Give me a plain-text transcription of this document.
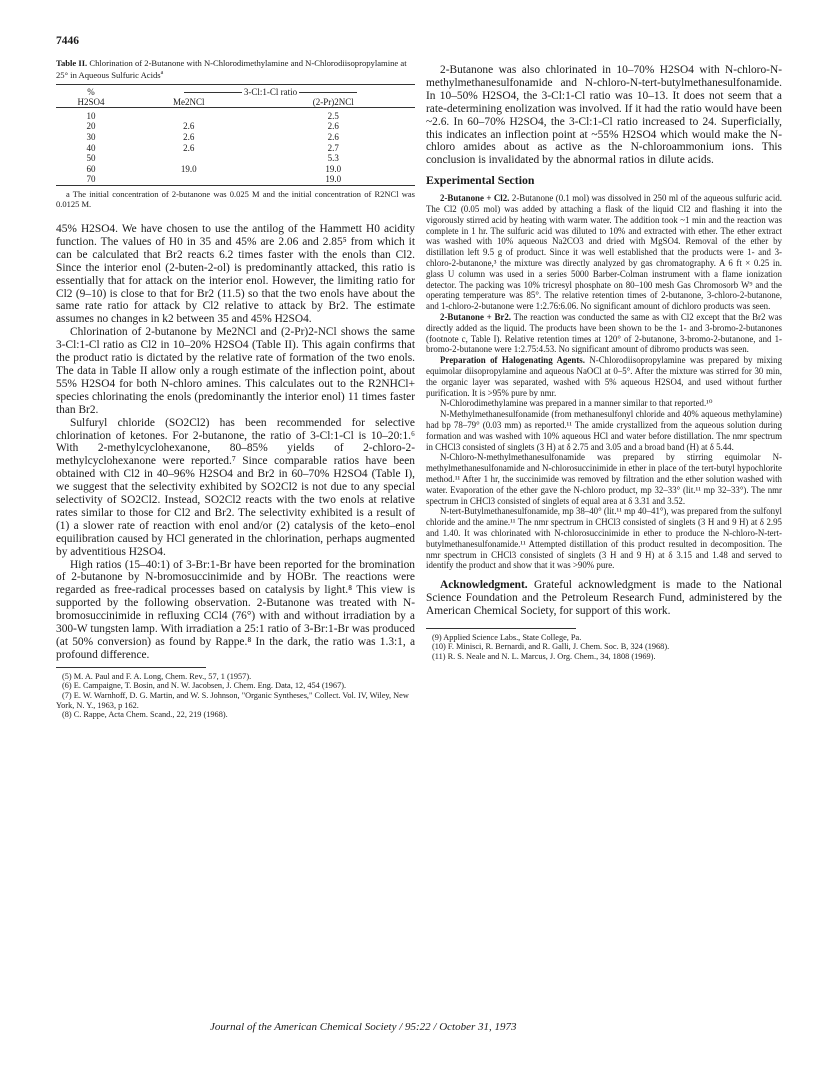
7446

Table II. Chlorination of 2-Butanone with N-Chlorodimethylamine and N-Chlorodiisopropylamine at 25° in Aqueous Sulfuric Acids$^a$

%	3-Cl:1-Cl ratio	
H2SO4	Me2NCl	(2-Pr)2NCl

10		2.5
20	2.6	2.6
30	2.6	2.6
40	2.6	2.7
50		5.3
60	19.0	19.0
70		19.0

a The initial concentration of 2-butanone was 0.025 M and the initial concentration of R2NCl was 0.0125 M.

45% H2SO4. We have chosen to use the antilog of the Hammett H0 acidity function. The values of H0 in 35 and 45% are 2.06 and 2.85⁵ from which it can be calculated that Br2 reacts 6.2 times faster with the enols than Cl2. Since the interior enol (2-buten-2-ol) is predominantly attacked, this ratio is essentially that for attack on the interior enol. However, the limiting ratio for Cl2 (9–10) is close to that for Br2 (11.5) so that the two enols have about the same rate ratio for attack by Cl2 relative to attack by Br2. The estimate assumes no changes in k2 between 35 and 45% H2SO4.

Chlorination of 2-butanone by Me2NCl and (2-Pr)2-NCl shows the same 3-Cl:1-Cl ratio as Cl2 in 10–20% H2SO4 (Table II). This again confirms that the product ratio is dictated by the relative rate of formation of the two enols. The data in Table II allow only a rough estimate of the inflection point, about 55% H2SO4 for both N-chloro amines. This calculates out to the R2NHCl+ species chlorinating the enols (predominantly the interior enol) 11 times faster than Br2.

Sulfuryl chloride (SO2Cl2) has been recommended for selective chlorination of ketones. For 2-butanone, the ratio of 3-Cl:1-Cl is 10–20:1.⁶ With 2-methylcyclohexanone, 80–85% yields of 2-chloro-2-methylcyclohexanone were reported.⁷ Since comparable ratios have been obtained with Cl2 in 40–96% H2SO4 and Br2 in 60–70% H2SO4 (Table I), we suggest that the selectivity exhibited by SO2Cl2 is not due to any special selectivity of SO2Cl2. Instead, SO2Cl2 reacts with the two enols at relative rates similar to those for Cl2 and Br2. The selectivity exhibited is a result of (1) a slower rate of reaction with enol and/or (2) catalysis of the keto–enol equilibration caused by HCl generated in the chlorination, perhaps augmented by adventitious H2SO4.

High ratios (15–40:1) of 3-Br:1-Br have been reported for the bromination of 2-butanone by N-bromosuccinimide and by HOBr. The reactions were regarded as free-radical processes based on catalysis by light.⁸ This view is supported by the following observation. 2-Butanone was treated with N-bromosuccinimide in refluxing CCl4 (76°) with and without irradiation by a 300-W tungsten lamp. With irradiation a 25:1 ratio of 3-Br:1-Br was produced (at 50% conversion) as found by Rappe.⁸ In the dark, the ratio was 1.3:1, a profound difference.

(5) M. A. Paul and F. A. Long, Chem. Rev., 57, 1 (1957).
(6) E. Campaigne, T. Bosin, and N. W. Jacobsen, J. Chem. Eng. Data, 12, 454 (1967).
(7) E. W. Warnhoff, D. G. Martin, and W. S. Johnson, "Organic Syntheses," Collect. Vol. IV, Wiley, New York, N. Y., 1963, p 162.
(8) C. Rappe, Acta Chem. Scand., 22, 219 (1968).

2-Butanone was also chlorinated in 10–70% H2SO4 with N-chloro-N-methylmethanesulfonamide and N-chloro-N-tert-butylmethanesulfonamide. In 10–50% H2SO4, the 3-Cl:1-Cl ratio was 10–13. It does not seem that a rate-determining enolization was involved. If it had the ratio would have been ~2.6. In 60–70% H2SO4, the 3-Cl:1-Cl ratio increased to 24. Superficially, this indicates an inflection point at ~55% H2SO4 which would make the N-chloro amides about as active as the N-chloroammonium ions. This conclusion is invalidated by the abnormal ratios in dilute acids.

Experimental Section

2-Butanone + Cl2. 2-Butanone (0.1 mol) was dissolved in 250 ml of the aqueous sulfuric acid. The Cl2 (0.05 mol) was added by attaching a flask of the liquid Cl2 and flashing it into the vigorously stirred acid by heating with warm water. The addition took ~1 min and the reaction was complete in 1 hr. The sulfuric acid was diluted to 10% and extracted with ether. The ether extract was washed with 10% aqueous Na2CO3 and dried with MgSO4. Removal of the ether by distillation left 9.5 g of product. Since it was well established that the products were 1- and 3-chloro-2-butanone,³ the mixture was directly analyzed by gas chromatography. A 6 ft × 0.25 in. glass U column was used in a series 5000 Barber-Colman instrument with a flame ionization detector. The packing was 10% tricresyl phosphate on 80–100 mesh Gas Chromosorb W⁹ and the operating temperature was 85°. The relative retention times of 2-butanone, 3-chloro-2-butanone, and 1-chloro-2-butanone were 1:2.76:6.06. No significant amount of dichloro products was seen.

2-Butanone + Br2. The reaction was conducted the same as with Cl2 except that the Br2 was directly added as the liquid. The products have been shown to be the 1- and 3-bromo-2-butanones (footnote c, Table I). Relative retention times at 120° of 2-butanone, 3-bromo-2-butanone, and 1-bromo-2-butanone were 1:2.75:4.53. No significant amount of dibromo products was seen.

Preparation of Halogenating Agents. N-Chlorodiisopropylamine was prepared by mixing equimolar diisopropylamine and aqueous NaOCl at 0–5°. After the mixture was stirred for 30 min, the organic layer was separated, washed with 5% aqueous H2SO4, and used without further purification. It is >95% pure by nmr.

N-Chlorodimethylamine was prepared in a manner similar to that reported.¹⁰

N-Methylmethanesulfonamide (from methanesulfonyl chloride and 40% aqueous methylamine) had bp 78–79° (0.03 mm) as reported.¹¹ The amide crystallized from the aqueous solution during formation and was washed with 10% aqueous HCl and water before distillation. The nmr spectrum in CHCl3 consisted of singlets (3 H) at δ 2.75 and 3.05 and a broad band (H) at δ 5.44.

N-Chloro-N-methylmethanesulfonamide was prepared by stirring equimolar N-methylmethanesulfonamide and N-chlorosuccinimide in ether in place of the tert-butyl hypochlorite method.¹¹ After 1 hr, the succinimide was removed by filtration and the ether solution washed with water. Evaporation of the ether gave the N-chloro product, mp 32–33° (lit.¹¹ mp 32–33°). The nmr spectrum in CHCl3 consisted of singlets of equal area at δ 3.31 and 3.52.

N-tert-Butylmethanesulfonamide, mp 38–40° (lit.¹¹ mp 40–41°), was prepared from the sulfonyl chloride and the amine.¹¹ The nmr spectrum in CHCl3 consisted of singlets (3 H and 9 H) at δ 2.95 and 1.40. It was chlorinated with N-chlorosuccinimide in ether to produce the N-chloro-N-tert-butylmethanesulfonamide.¹¹ Attempted distillation of this product resulted in decomposition. The nmr spectrum in CHCl3 consisted of singlets (3 H and 9 H) at δ 3.15 and 1.48 and served to identify the product and show that it was >90% pure.

Acknowledgment. Grateful acknowledgment is made to the National Science Foundation and the Petroleum Research Fund, administered by the American Chemical Society, for support of this work.

(9) Applied Science Labs., State College, Pa.
(10) F. Minisci, R. Bernardi, and R. Galli, J. Chem. Soc. B, 324 (1968).
(11) R. S. Neale and N. L. Marcus, J. Org. Chem., 34, 1808 (1969).
Journal of the American Chemical Society / 95:22 / October 31, 1973
